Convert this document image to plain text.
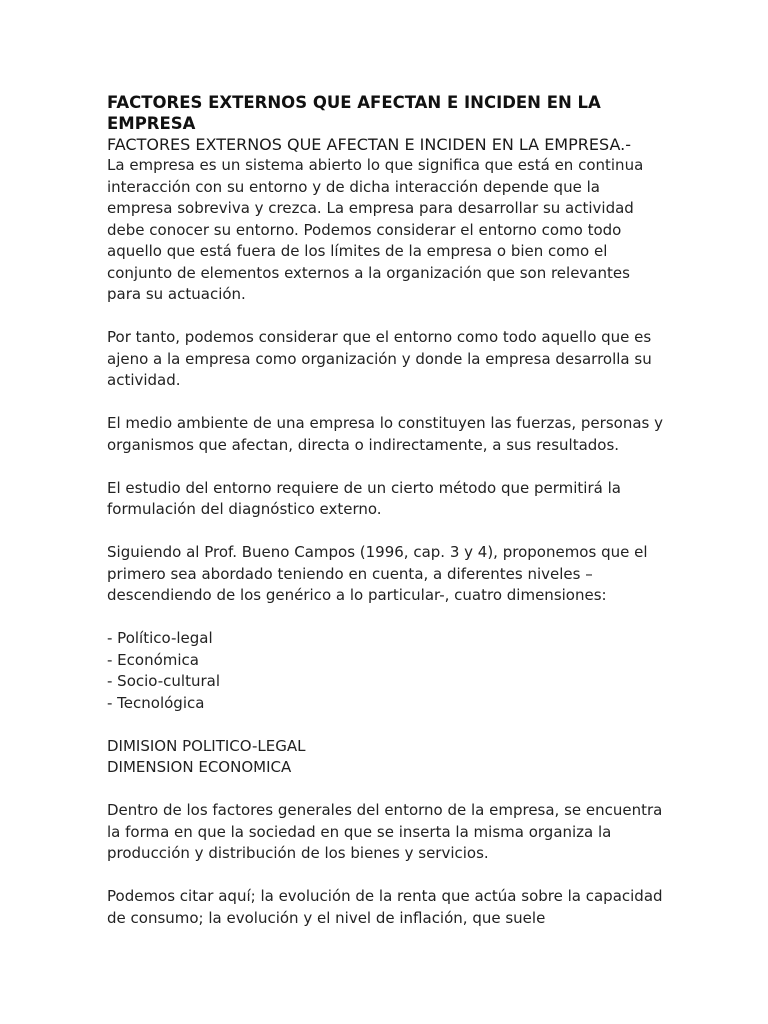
FACTORES EXTERNOS QUE AFECTAN E INCIDEN EN LA EMPRESA

FACTORES EXTERNOS QUE AFECTAN E INCIDEN EN LA EMPRESA.-

La empresa es un sistema abierto lo que significa que está en continua interacción con su entorno y de dicha interacción depende que la empresa sobreviva y crezca. La empresa para desarrollar su actividad debe conocer su entorno. Podemos considerar el entorno como todo aquello que está fuera de los límites de la empresa o bien como el conjunto de elementos externos a la organización que son relevantes para su actuación.

Por tanto, podemos considerar que el entorno como todo aquello que es ajeno a la empresa como organización y donde la empresa desarrolla su actividad.

El medio ambiente de una empresa lo constituyen las fuerzas, personas y organismos que afectan, directa o indirectamente, a sus resultados.

El estudio del entorno requiere de un cierto método que permitirá la formulación del diagnóstico externo.

Siguiendo al Prof. Bueno Campos (1996, cap. 3 y 4), proponemos que el primero sea abordado teniendo en cuenta, a diferentes niveles –descendiendo de los genérico a lo particular-, cuatro dimensiones:

- Político-legal
- Económica
- Socio-cultural
- Tecnológica

DIMISION POLITICO-LEGAL

DIMENSION ECONOMICA

Dentro de los factores generales del entorno de la empresa, se encuentra la forma en que la sociedad en que se inserta la misma organiza la producción y distribución de los bienes y servicios.

Podemos citar aquí; la evolución de la renta que actúa sobre la capacidad de consumo; la evolución y el nivel de inflación, que suele
